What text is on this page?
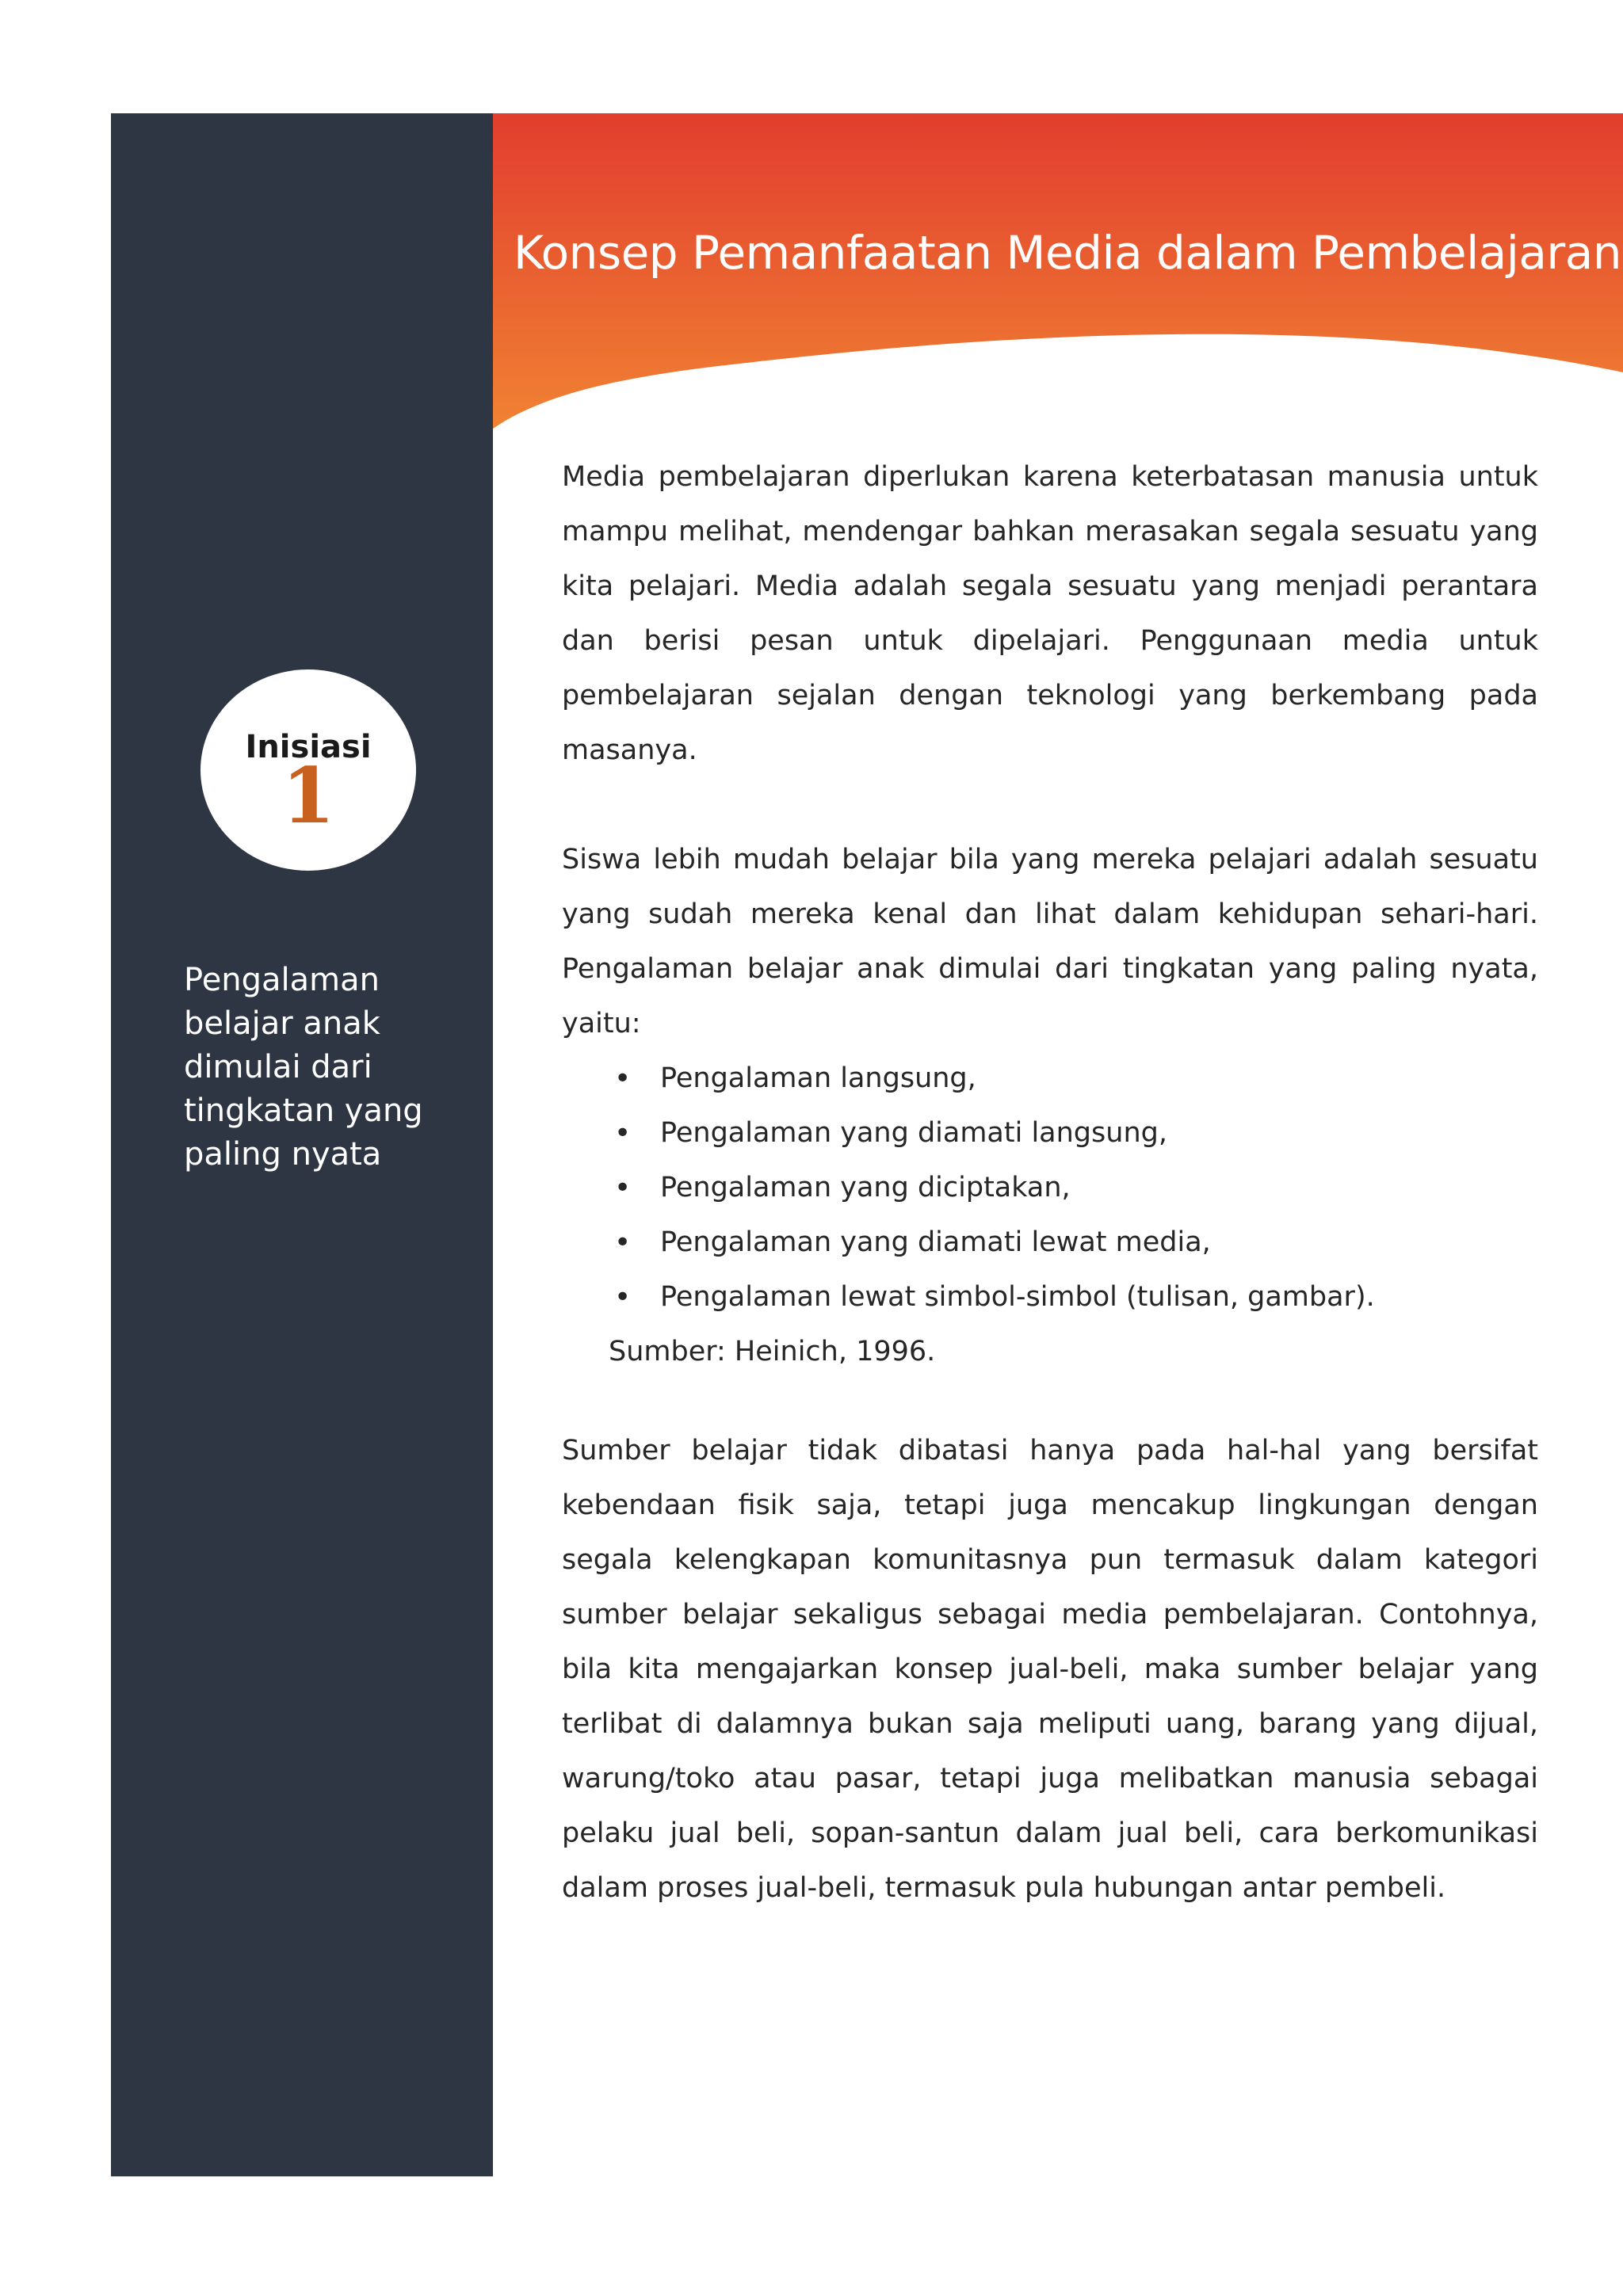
Konsep Pemanfaatan Media dalam Pembelajaran
Inisiasi
1
Pengalaman
belajar anak
dimulai dari
tingkatan yang
paling nyata

Media pembelajaran diperlukan karena keterbatasan manusia untuk mampu melihat, mendengar bahkan merasakan segala sesuatu yang kita pelajari. Media adalah segala sesuatu yang menjadi perantara dan berisi pesan untuk dipelajari. Penggunaan media untuk pembelajaran sejalan dengan teknologi yang berkembang pada masanya.

Siswa lebih mudah belajar bila yang mereka pelajari adalah sesuatu yang sudah mereka kenal dan lihat dalam kehidupan sehari-hari. Pengalaman belajar anak dimulai dari tingkatan yang paling nyata, yaitu:

• Pengalaman langsung,
• Pengalaman yang diamati langsung,
• Pengalaman yang diciptakan,
• Pengalaman yang diamati lewat media,
• Pengalaman lewat simbol-simbol (tulisan, gambar).
Sumber: Heinich, 1996.

Sumber belajar tidak dibatasi hanya pada hal-hal yang bersifat kebendaan fisik saja, tetapi juga mencakup lingkungan dengan segala kelengkapan komunitasnya pun termasuk dalam kategori sumber belajar sekaligus sebagai media pembelajaran. Contohnya, bila kita mengajarkan konsep jual-beli, maka sumber belajar yang terlibat di dalamnya bukan saja meliputi uang, barang yang dijual, warung/toko atau pasar, tetapi juga melibatkan manusia sebagai pelaku jual beli, sopan-santun dalam jual beli, cara berkomunikasi dalam proses jual-beli, termasuk pula hubungan antar pembeli.
